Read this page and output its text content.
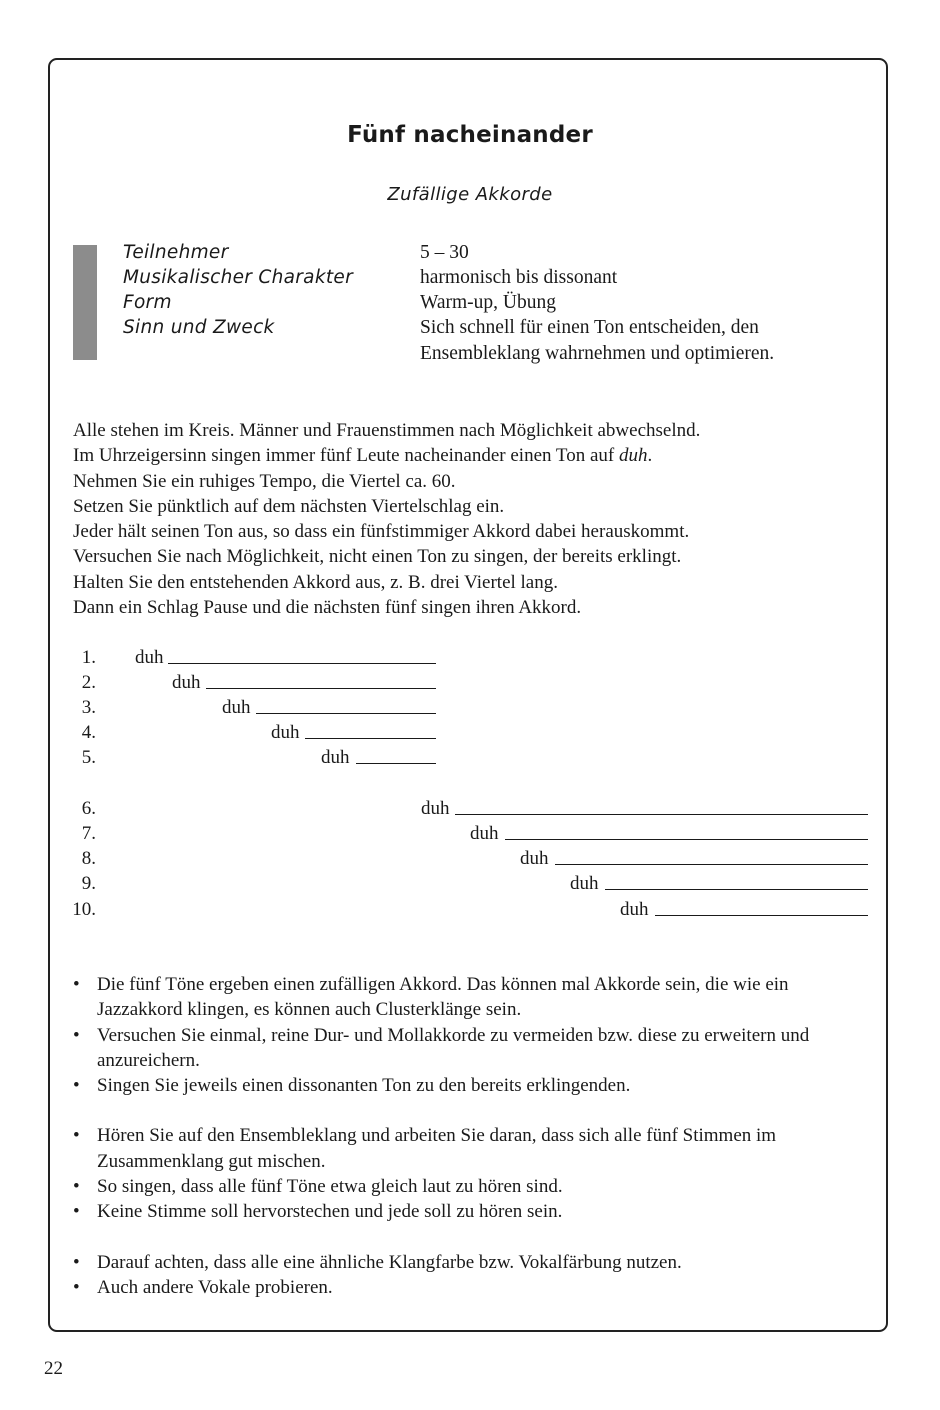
Fünf nacheinander
Zufällige Akkorde
Teilnehmer	5 – 30
Musikalischer Charakter	harmonisch bis dissonant
Form	Warm-up, Übung
Sinn und Zweck	Sich schnell für einen Ton entscheiden, den Ensembleklang wahrnehmen und optimieren.
Alle stehen im Kreis. Männer und Frauenstimmen nach Möglichkeit abwechselnd.
Im Uhrzeigersinn singen immer fünf Leute nacheinander einen Ton auf duh.
Nehmen Sie ein ruhiges Tempo, die Viertel ca. 60.
Setzen Sie pünktlich auf dem nächsten Viertelschlag ein.
Jeder hält seinen Ton aus, so dass ein fünfstimmiger Akkord dabei herauskommt.
Versuchen Sie nach Möglichkeit, nicht einen Ton zu singen, der bereits erklingt.
Halten Sie den entstehenden Akkord aus, z. B. drei Viertel lang.
Dann ein Schlag Pause und die nächsten fünf singen ihren Akkord.
1. duh
2.	duh
3.	duh
4.	duh
5.	duh
6.	duh
7.	duh
8.	duh
9.	duh
10.	duh
• Die fünf Töne ergeben einen zufälligen Akkord. Das können mal Akkorde sein, die wie ein Jazzakkord klingen, es können auch Clusterklänge sein.
• Versuchen Sie einmal, reine Dur- und Mollakkorde zu vermeiden bzw. diese zu erweitern und anzureichern.
• Singen Sie jeweils einen dissonanten Ton zu den bereits erklingenden.
• Hören Sie auf den Ensembleklang und arbeiten Sie daran, dass sich alle fünf Stimmen im Zusammenklang gut mischen.
• So singen, dass alle fünf Töne etwa gleich laut zu hören sind.
• Keine Stimme soll hervorstechen und jede soll zu hören sein.
• Darauf achten, dass alle eine ähnliche Klangfarbe bzw. Vokalfärbung nutzen.
• Auch andere Vokale probieren.
22
